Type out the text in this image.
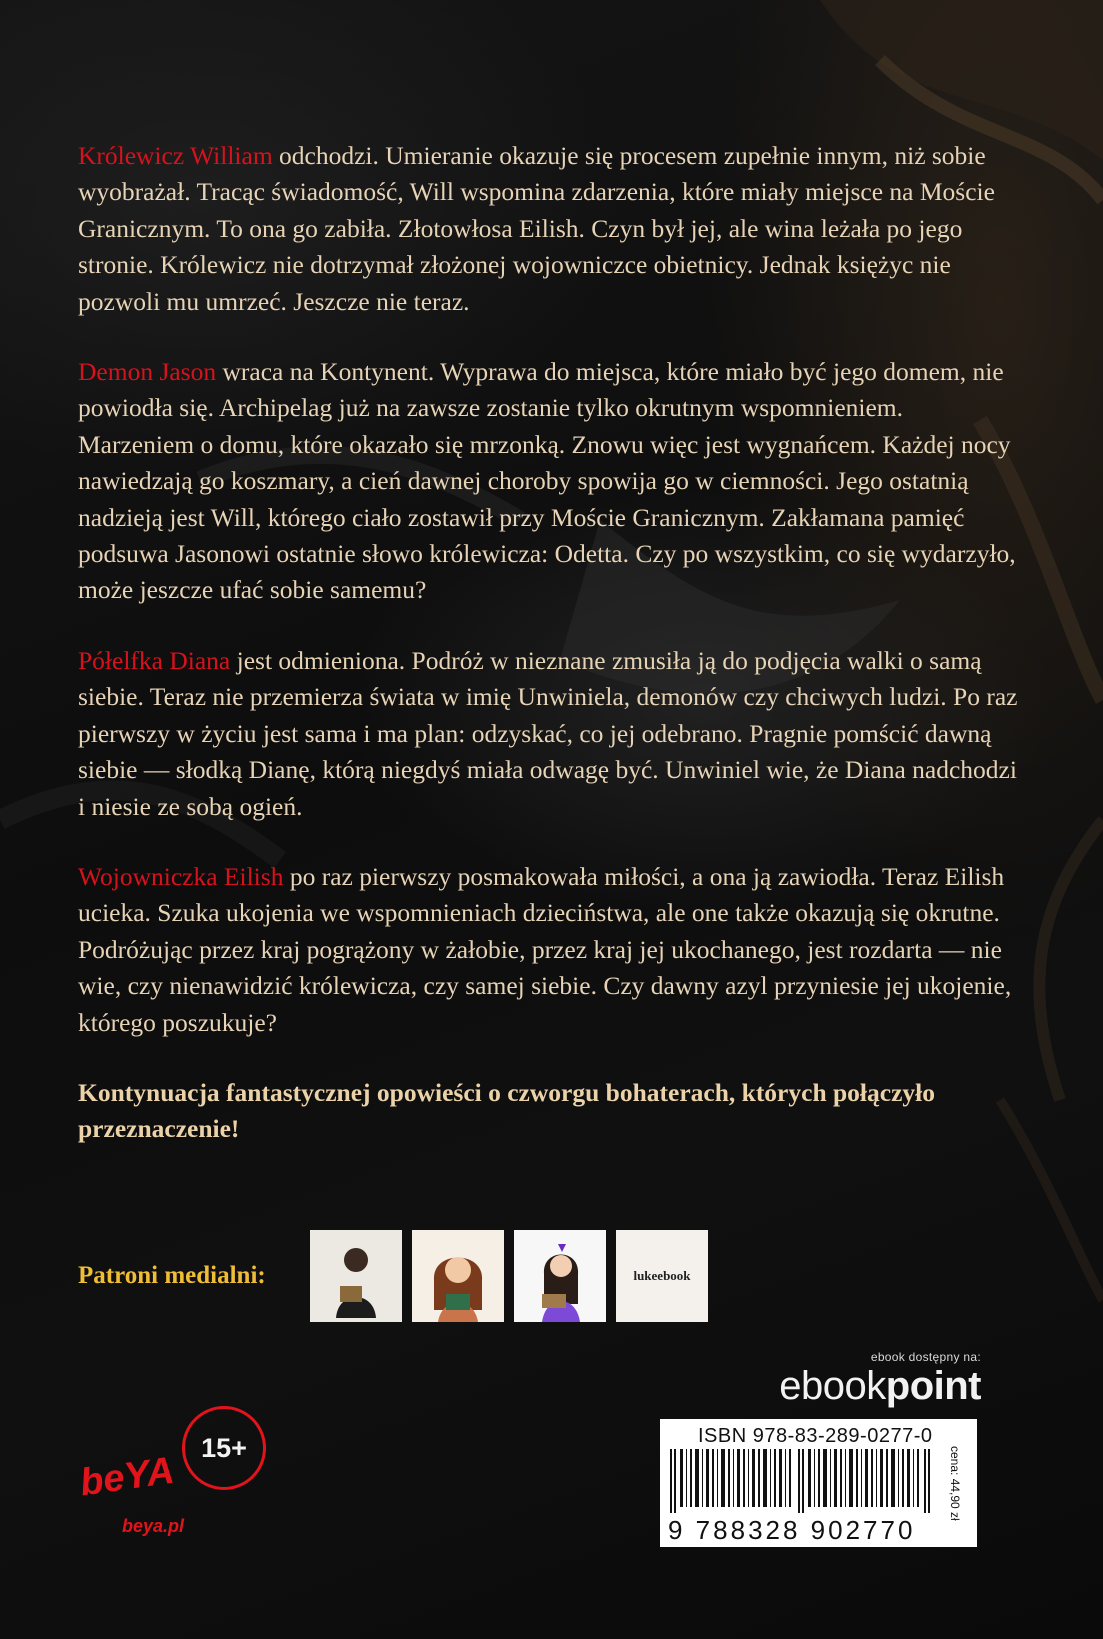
Królewicz William odchodzi. Umieranie okazuje się procesem zupełnie innym, niż sobie wyobrażał. Tracąc świadomość, Will wspomina zdarzenia, które miały miejsce na Moście Granicznym. To ona go zabiła. Złotowłosa Eilish. Czyn był jej, ale wina leżała po jego stronie. Królewicz nie dotrzymał złożonej wojowniczce obietnicy. Jednak księżyc nie pozwoli mu umrzeć. Jeszcze nie teraz.

Demon Jason wraca na Kontynent. Wyprawa do miejsca, które miało być jego domem, nie powiodła się. Archipelag już na zawsze zostanie tylko okrutnym wspomnieniem. Marzeniem o domu, które okazało się mrzonką. Znowu więc jest wygnańcem. Każdej nocy nawiedzają go koszmary, a cień dawnej choroby spowija go w ciemności. Jego ostatnią nadzieją jest Will, którego ciało zostawił przy Moście Granicznym. Zakłamana pamięć podsuwa Jasonowi ostatnie słowo królewicza: Odetta. Czy po wszystkim, co się wydarzyło, może jeszcze ufać sobie samemu?

Półelfka Diana jest odmieniona. Podróż w nieznane zmusiła ją do podjęcia walki o samą siebie. Teraz nie przemierza świata w imię Unwiniela, demonów czy chciwych ludzi. Po raz pierwszy w życiu jest sama i ma plan: odzyskać, co jej odebrano. Pragnie pomścić dawną siebie — słodką Dianę, którą niegdyś miała odwagę być. Unwiniel wie, że Diana nadchodzi i niesie ze sobą ogień.

Wojowniczka Eilish po raz pierwszy posmakowała miłości, a ona ją zawiodła. Teraz Eilish ucieka. Szuka ukojenia we wspomnieniach dzieciństwa, ale one także okazują się okrutne. Podróżując przez kraj pogrążony w żałobie, przez kraj jej ukochanego, jest rozdarta — nie wie, czy nienawidzić królewicza, czy samej siebie. Czy dawny azyl przyniesie jej ukojenie, którego poszukuje?

Kontynuacja fantastycznej opowieści o czworgu bohaterach, których połączyło przeznaczenie!

Patroni medialni:	lukeebook
ebook dostępny na:
ebookpoint
ISBN 978-83-289-0277-0
9 788328 902770
cena: 44,90 zł
15+
beYA
beya.pl
